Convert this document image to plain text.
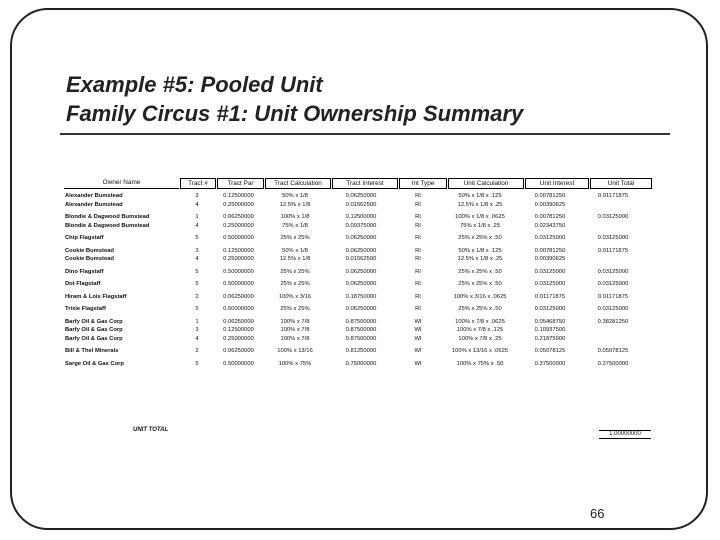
Example #5: Pooled Unit
Family Circus #1: Unit Ownership Summary
Owner Name	Tract #	Tract Par	Tract Calculation	Tract Interest	Int Type	Unit Calculation	Unit Interest	Unit Total
Alexander Bumstead	3	0.12500000	50% x 1/8	0.06250000	RI	50% x 1/8 x .125	0.00781250	0.01171875
Alexander Bumstead	4	0.25000000	12.5% x 1/8	0.01562500	RI	12.5% x 1/8 x .25	0.00390625
Blondie & Dagwood Bumstead	1	0.06250000	100% x 1/8	0.12500000	RI	100% x 1/8 x .0625	0.00781250	0.03125000
Blondie & Dagwood Bumstead	4	0.25000000	75% x 1/8	0.09375000	RI	75% x 1/8 x .25	0.02343750
Chip Flagstaff	5	0.50000000	25% x 25%	0.06250000	RI	25% x 25% x .50	0.03125000	0.03125000
Cookie Bumstead	3	0.12500000	50% x 1/8	0.06250000	RI	50% x 1/8 x .125	0.00781250	0.01171875
Cookie Bumstead	4	0.25000000	12.5% x 1/8	0.01562500	RI	12.5% x 1/8 x .25	0.00390625
Dino Flagstaff	5	0.50000000	25% x 25%	0.06250000	RI	25% x 25% x .50	0.03125000	0.03125000
Dot Flagstaff	5	0.50000000	25% x 25%	0.06250000	RI	25% x 25% x .50	0.03125000	0.03125000
Hiram & Lois Flagstaff	2	0.06250000	100% x 3/16	0.18750000	RI	100% x 3/16 x .0625	0.01171875	0.01171875
Trixie Flagstaff	5	0.50000000	25% x 25%	0.06250000	RI	25% x 25% x .50	0.03125000	0.03125000
Barfy Oil & Gas Corp	1	0.06250000	100% x 7/8	0.87500000	WI	100% x 7/8 x .0625	0.05468750	0.38281250
Barfy Oil & Gas Corp	3	0.12500000	100% x 7/8	0.87500000	WI	100% x 7/8 x .125	0.10937500
Barfy Oil & Gas Corp	4	0.25000000	100% x 7/8	0.87500000	WI	100% x 7/8 x .25	0.21875000
Bill & Thel Minerals	2	0.06250000	100% x 13/16	0.81250000	WI	100% x 13/16 x .0625	0.05078125	0.05078125
Sarge Oil & Gas Corp	5	0.50000000	100% x 75%	0.75000000	WI	100% x 75% x .50	0.37500000	0.37500000
UNIT TOTAL
1.00000000
66
